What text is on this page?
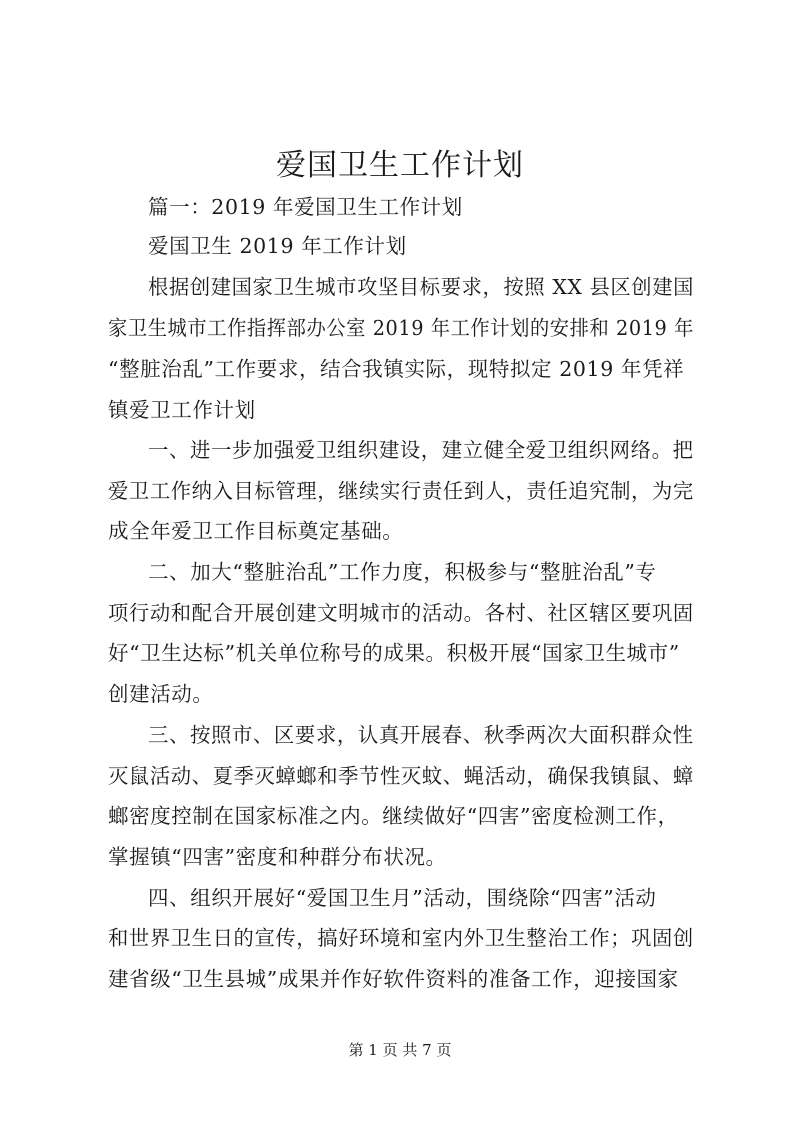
爱国卫生工作计划
篇一：2019 年爱国卫生工作计划
爱国卫生 2019 年工作计划
根据创建国家卫生城市攻坚目标要求，按照 XX 县区创建国
家卫生城市工作指挥部办公室 2019 年工作计划的安排和 2019 年
“整脏治乱”工作要求，结合我镇实际，现特拟定 2019 年凭祥
镇爱卫工作计划
一、进一步加强爱卫组织建设，建立健全爱卫组织网络。把
爱卫工作纳入目标管理，继续实行责任到人，责任追究制，为完
成全年爱卫工作目标奠定基础。
二、加大“整脏治乱”工作力度，积极参与“整脏治乱”专
项行动和配合开展创建文明城市的活动。各村、社区辖区要巩固
好“卫生达标”机关单位称号的成果。积极开展“国家卫生城市”
创建活动。
三、按照市、区要求，认真开展春、秋季两次大面积群众性
灭鼠活动、夏季灭蟑螂和季节性灭蚊、蝇活动，确保我镇鼠、蟑
螂密度控制在国家标准之内。继续做好“四害”密度检测工作，
掌握镇“四害”密度和种群分布状况。
四、组织开展好“爱国卫生月”活动，围绕除“四害”活动
和世界卫生日的宣传，搞好环境和室内外卫生整治工作；巩固创
建省级“卫生县城”成果并作好软件资料的准备工作，迎接国家
第 1 页 共 7 页
